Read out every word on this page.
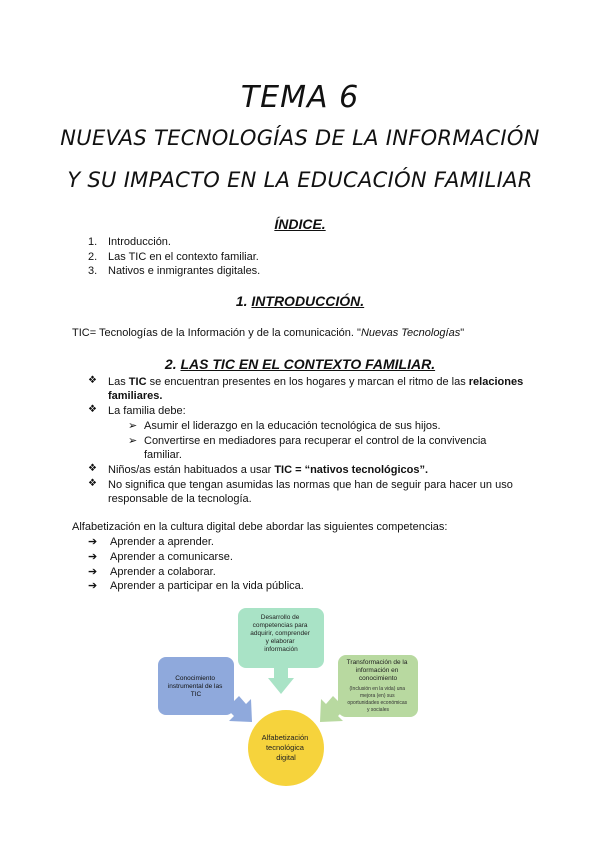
TEMA 6
NUEVAS TECNOLOGÍAS DE LA INFORMACIÓN
Y SU IMPACTO EN LA EDUCACIÓN FAMILIAR
ÍNDICE.
1. Introducción.
2. Las TIC en el contexto familiar.
3. Nativos e inmigrantes digitales.
1. INTRODUCCIÓN.
TIC= Tecnologías de la Información y de la comunicación. "Nuevas Tecnologías"
2. LAS TIC EN EL CONTEXTO FAMILIAR.
❖ Las TIC se encuentran presentes en los hogares y marcan el ritmo de las relaciones familiares.
❖ La familia debe:
➢ Asumir el liderazgo en la educación tecnológica de sus hijos.
➢ Convertirse en mediadores para recuperar el control de la convivencia familiar.
❖ Niños/as están habituados a usar TIC = “nativos tecnológicos”.
❖ No significa que tengan asumidas las normas que han de seguir para hacer un uso responsable de la tecnología.
Alfabetización en la cultura digital debe abordar las siguientes competencias:
➔ Aprender a aprender.
➔ Aprender a comunicarse.
➔ Aprender a colaborar.
➔ Aprender a participar en la vida pública.
Desarrollo de competencias para adquirir, comprender y elaborar información
Conocimiento instrumental de las TIC
Transformación de la información en conocimiento
(Inclusión en la vida) una mejora (en) sus oportunidades económicas y sociales
Alfabetización tecnológica digital
